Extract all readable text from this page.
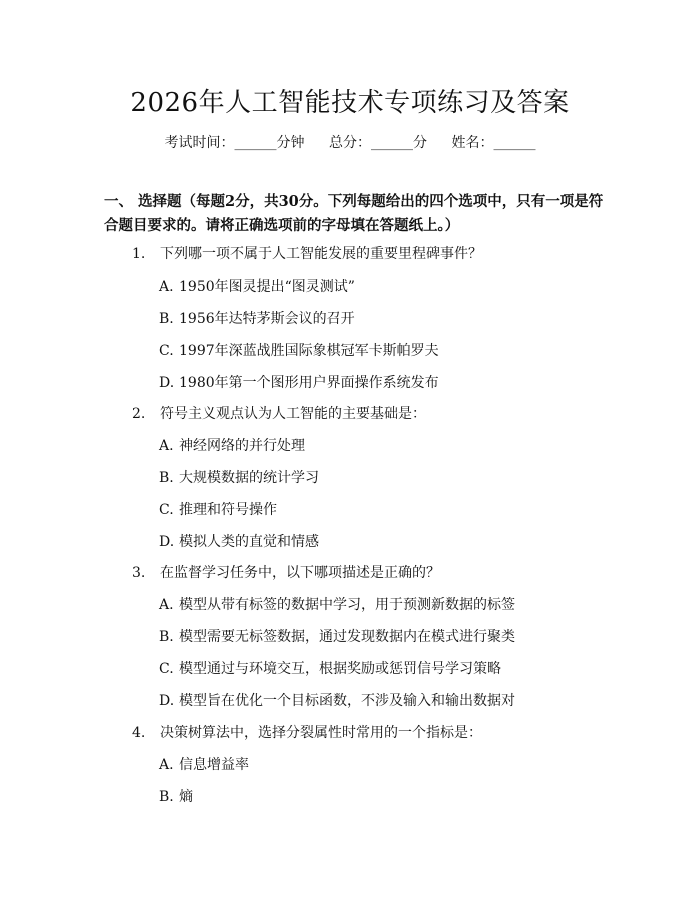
2026年人工智能技术专项练习及答案
考试时间：______分钟 总分：______分 姓名：______
一、 选择题（每题2分，共30分。下列每题给出的四个选项中，只有一项是符合题目要求的。请将正确选项前的字母填在答题纸上。）
1. 下列哪一项不属于人工智能发展的重要里程碑事件？
A. 1950年图灵提出“图灵测试”
B. 1956年达特茅斯会议的召开
C. 1997年深蓝战胜国际象棋冠军卡斯帕罗夫
D. 1980年第一个图形用户界面操作系统发布
2. 符号主义观点认为人工智能的主要基础是：
A. 神经网络的并行处理
B. 大规模数据的统计学习
C. 推理和符号操作
D. 模拟人类的直觉和情感
3. 在监督学习任务中，以下哪项描述是正确的？
A. 模型从带有标签的数据中学习，用于预测新数据的标签
B. 模型需要无标签数据，通过发现数据内在模式进行聚类
C. 模型通过与环境交互，根据奖励或惩罚信号学习策略
D. 模型旨在优化一个目标函数，不涉及输入和输出数据对
4. 决策树算法中，选择分裂属性时常用的一个指标是：
A. 信息增益率
B. 熵
